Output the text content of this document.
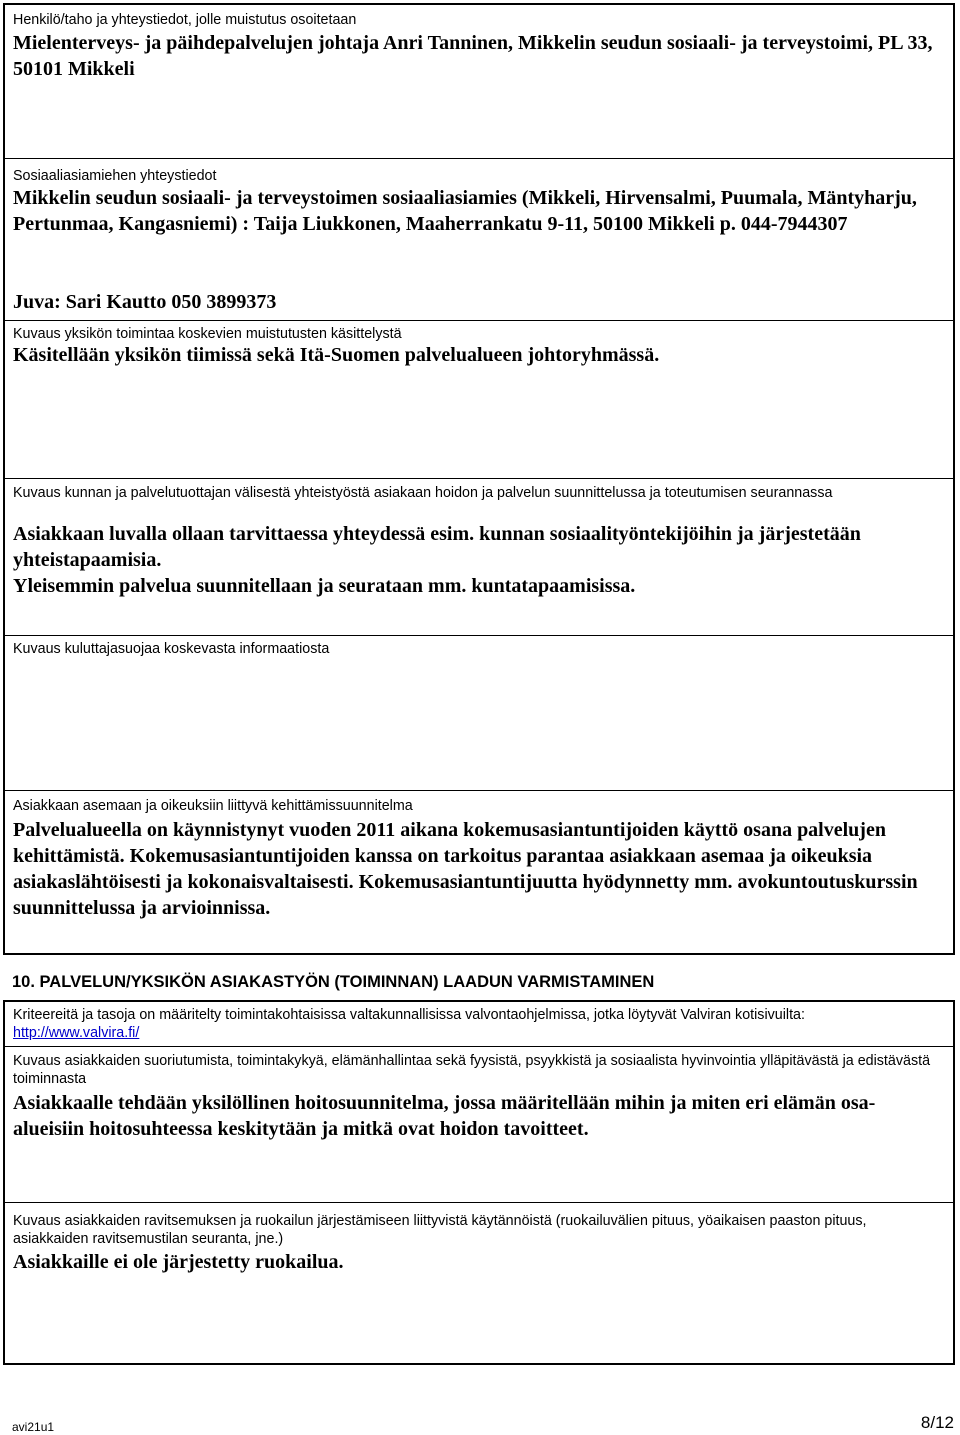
Henkilö/taho ja yhteystiedot, jolle muistutus osoitetaan
Mielenterveys- ja päihdepalvelujen johtaja Anri Tanninen, Mikkelin seudun sosiaali- ja terveystoimi, PL 33, 50101 Mikkeli
Sosiaaliasiamiehen yhteystiedot
Mikkelin seudun sosiaali- ja terveystoimen sosiaaliasiamies (Mikkeli, Hirvensalmi, Puumala, Mäntyharju, Pertunmaa, Kangasniemi) : Taija Liukkonen, Maaherrankatu 9-11, 50100 Mikkeli p. 044-7944307
Juva: Sari Kautto 050 3899373
Kuvaus yksikön toimintaa koskevien muistutusten käsittelystä
Käsitellään yksikön tiimissä sekä Itä-Suomen palvelualueen johtoryhmässä.
Kuvaus kunnan ja palvelutuottajan välisestä yhteistyöstä asiakaan hoidon ja palvelun suunnittelussa ja toteutumisen seurannassa
Asiakkaan luvalla ollaan tarvittaessa yhteydessä esim. kunnan sosiaalityöntekijöihin ja järjestetään yhteistapaamisia.
Yleisemmin palvelua suunnitellaan ja seurataan mm. kuntatapaamisissa.
Kuvaus kuluttajasuojaa koskevasta informaatiosta
Asiakkaan asemaan ja oikeuksiin liittyvä kehittämissuunnitelma
Palvelualueella on käynnistynyt vuoden 2011 aikana kokemusasiantuntijoiden käyttö osana palvelujen kehittämistä. Kokemusasiantuntijoiden kanssa on tarkoitus parantaa asiakkaan asemaa ja oikeuksia asiakaslähtöisesti ja kokonaisvaltaisesti. Kokemusasiantuntijuutta hyödynnetty mm. avokuntoutuskurssin suunnittelussa ja arvioinnissa.
10. PALVELUN/YKSIKÖN ASIAKASTYÖN (TOIMINNAN) LAADUN VARMISTAMINEN
Kriteereitä ja tasoja on määritelty toimintakohtaisissa valtakunnallisissa valvontaohjelmissa, jotka löytyvät Valviran kotisivuilta:
http://www.valvira.fi/
Kuvaus asiakkaiden suoriutumista, toimintakykyä, elämänhallintaa sekä fyysistä, psyykkistä ja sosiaalista hyvinvointia ylläpitävästä ja edistävästä toiminnasta
Asiakkaalle tehdään yksilöllinen hoitosuunnitelma, jossa määritellään mihin ja miten eri elämän osa-alueisiin hoitosuhteessa keskitytään ja mitkä ovat hoidon tavoitteet.
Kuvaus asiakkaiden ravitsemuksen ja ruokailun järjestämiseen liittyvistä käytännöistä (ruokailuvälien pituus, yöaikaisen paaston pituus, asiakkaiden ravitsemustilan seuranta, jne.)
Asiakkaille ei ole järjestetty ruokailua.
avi21u1	8/12
